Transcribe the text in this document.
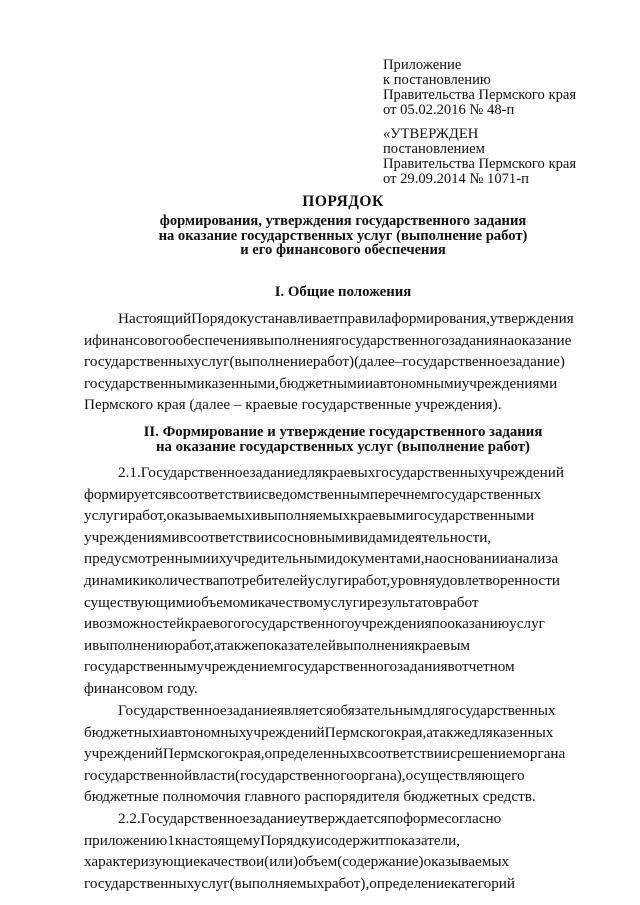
Приложение
к постановлению
Правительства Пермского края
от 05.02.2016 № 48-п
«УТВЕРЖДЕН
постановлением
Правительства Пермского края
от 29.09.2014 № 1071-п
ПОРЯДОК
формирования, утверждения государственного задания
на оказание государственных услуг (выполнение работ)
и его финансового обеспечения
I. Общие положения
НастоящийПорядокустанавливаетправилаформирования,утверждения
ифинансовогообеспечениявыполнениягосударственногозаданиянаоказание
государственныхуслуг(выполнениеработ)(далее–государственноезадание)
государственнымиказенными,бюджетнымииавтономнымиучреждениями
Пермского края (далее – краевые государственные учреждения).
II. Формирование и утверждение государственного задания
на оказание государственных услуг (выполнение работ)
2.1.Государственноезаданиедлякраевыхгосударственныхучреждений
формируетсявсоответствиисведомственнымперечнемгосударственных
услугиработ,оказываемыхивыполняемыхкраевымигосударственными
учреждениямивсоответствиисосновнымивидамидеятельности,
предусмотреннымиихучредительнымидокументами,наоснованиианализа
динамикиколичествапотребителейуслугиработ,уровняудовлетворенности
существующимиобъемомикачествомуслугирезультатовработ
ивозможностейкраевогогосударственногоучрежденияпооказаниюуслуг
ивыполнениюработ,атакжепоказателейвыполнениякраевым
государственнымучреждениемгосударственногозаданиявотчетном
финансовом году.
Государственноезаданиеявляетсяобязательнымдлягосударственных
бюджетныхиавтономныхучрежденийПермскогокрая,атакжедляказенных
учрежденийПермскогокрая,определенныхвсоответствиисрешениеморгана
государственнойвласти(государственногооргана),осуществляющего
бюджетные полномочия главного распорядителя бюджетных средств.
2.2.Государственноезаданиеутверждаетсяпоформесогласно
приложению1кнастоящемуПорядкуисодержитпоказатели,
характеризующиекачествои(или)объем(содержание)оказываемых
государственныхуслуг(выполняемыхработ),определениекатегорий
